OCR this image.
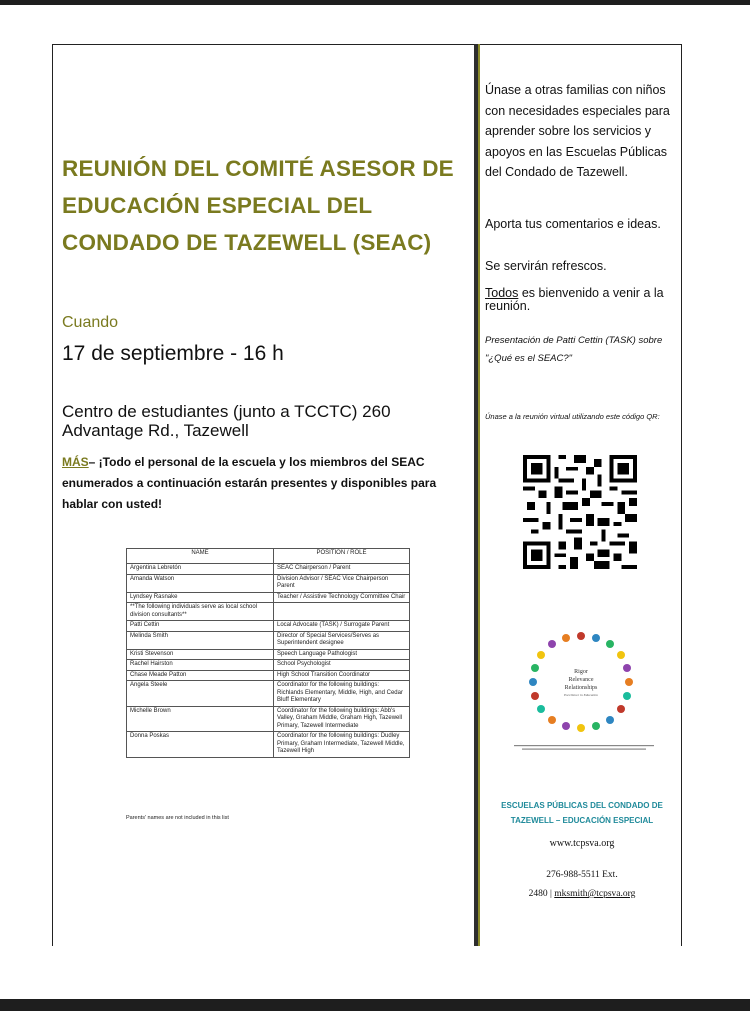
REUNIÓN DEL COMITÉ ASESOR DE EDUCACIÓN ESPECIAL DEL CONDADO DE TAZEWELL (SEAC)
Cuando
17 de septiembre - 16 h
Centro de estudiantes (junto a TCCTC) 260 Advantage Rd., Tazewell
MÁS– ¡Todo el personal de la escuela y los miembros del SEAC enumerados a continuación estarán presentes y disponibles para hablar con usted!
NAME	POSITION / ROLE
Argentina Lebretón	SEAC Chairperson / Parent
Amanda Watson	Division Advisor / SEAC Vice Chairperson Parent
Lyndsey Rasnake	Teacher / Assistive Technology Committee Chair
**The following individuals serve as local school division consultants**	
Patti Cettin	Local Advocate (TASK) / Surrogate Parent
Melinda Smith	Director of Special Services/Serves as Superintendent designee
Kristi Stevenson	Speech Language Pathologist
Rachel Hairston	School Psychologist
Chase Meade Patton	High School Transition Coordinator
Angela Steele	Coordinator for the following buildings: Richlands Elementary, Middle, High, and Cedar Bluff Elementary
Michelle Brown	Coordinator for the following buildings: Abb's Valley, Graham Middle, Graham High, Tazewell Primary, Tazewell Intermediate
Donna Poskas	Coordinator for the following buildings: Dudley Primary, Graham Intermediate, Tazewell Middle, Tazewell High
Parents' names are not included in this list
Únase a otras familias con niños con necesidades especiales para aprender sobre los servicios y apoyos en las Escuelas Públicas del Condado de Tazewell.
Aporta tus comentarios e ideas.
Se servirán refrescos.
Todos es bienvenido a venir a la reunión.
Presentación de Patti Cettin (TASK) sobre "¿Qué es el SEAC?"
Únase a la reunión virtual utilizando este código QR:
Rigor
Relevance
Relationships
Excellence in Education
ESCUELAS PÚBLICAS DEL CONDADO DE TAZEWELL – EDUCACIÓN ESPECIAL
www.tcpsva.org
276-988-5511 Ext.
2480 | mksmith@tcpsva.org
